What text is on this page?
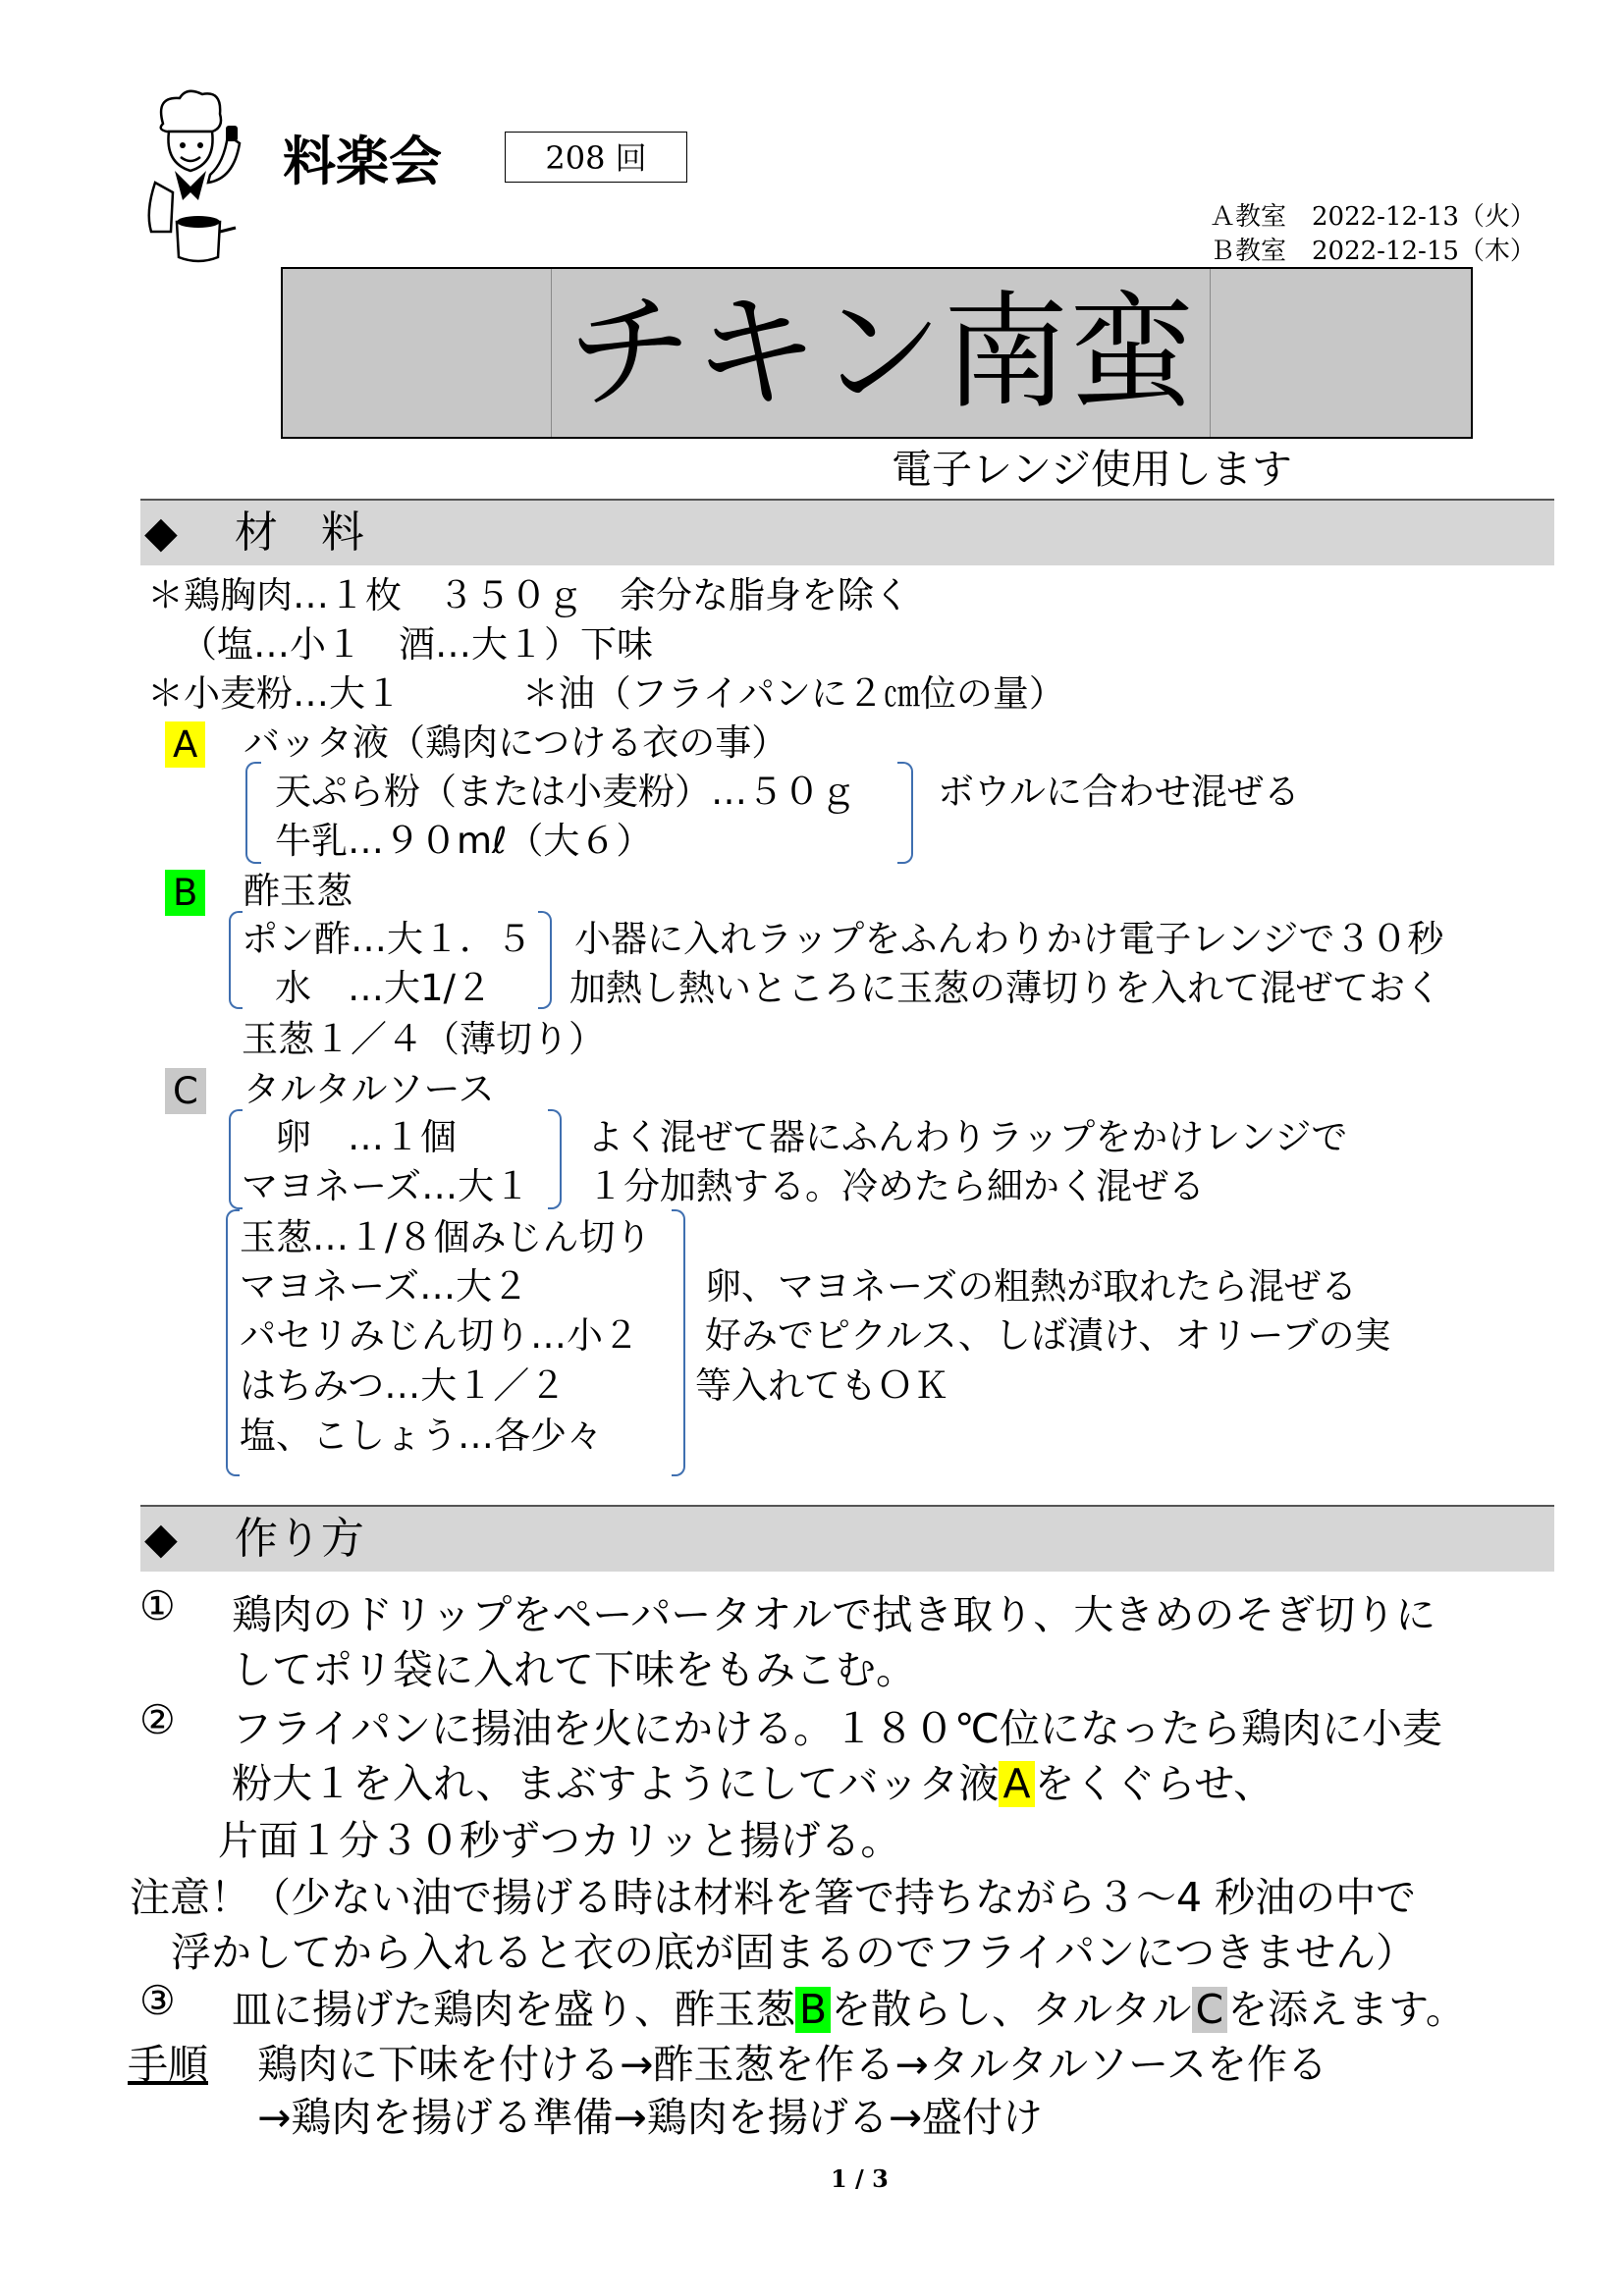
料楽会	208 回
Ａ教室　2022-12-13（火）
Ｂ教室　2022-12-15（木）
チキン南蛮
電子レンジ使用します
◆　 材　料
＊鶏胸肉…１枚　３５０ｇ　余分な脂身を除く
（塩…小１　酒…大１）下味
＊小麦粉…大１　　　 ＊油（フライパンに２㎝位の量）
A バッタ液（鶏肉につける衣の事）
天ぷら粉（または小麦粉）…５０ｇ
牛乳…９０mℓ（大６）
ボウルに合わせ混ぜる
B 酢玉葱
ポン酢…大１．５
水　…大1/２
小器に入れラップをふんわりかけ電子レンジで３０秒
加熱し熱いところに玉葱の薄切りを入れて混ぜておく
玉葱１／４（薄切り）
C タルタルソース
卵　…１個
マヨネーズ…大１
よく混ぜて器にふんわりラップをかけレンジで
１分加熱する。冷めたら細かく混ぜる
玉葱…１/８個みじん切り
マヨネーズ…大２
パセリみじん切り…小２
はちみつ…大１／２
塩、こしょう…各少々
卵、マヨネーズの粗熱が取れたら混ぜる
好みでピクルス、しば漬け、オリーブの実
等入れてもＯＫ
◆　 作り方
① 鶏肉のドリップをペーパータオルで拭き取り、大きめのそぎ切りに
してポリ袋に入れて下味をもみこむ。
② フライパンに揚油を火にかける。１８０℃位になったら鶏肉に小麦
粉大１を入れ、まぶすようにしてバッタ液Aをくぐらせ、
片面１分３０秒ずつカリッと揚げる。
注意！（少ない油で揚げる時は材料を箸で持ちながら３～4 秒油の中で
浮かしてから入れると衣の底が固まるのでフライパンにつきません）
③ 皿に揚げた鶏肉を盛り、酢玉葱Bを散らし、タルタルCを添えます。
手順 鶏肉に下味を付ける→酢玉葱を作る→タルタルソースを作る
→鶏肉を揚げる準備→鶏肉を揚げる→盛付け
1 / 3
